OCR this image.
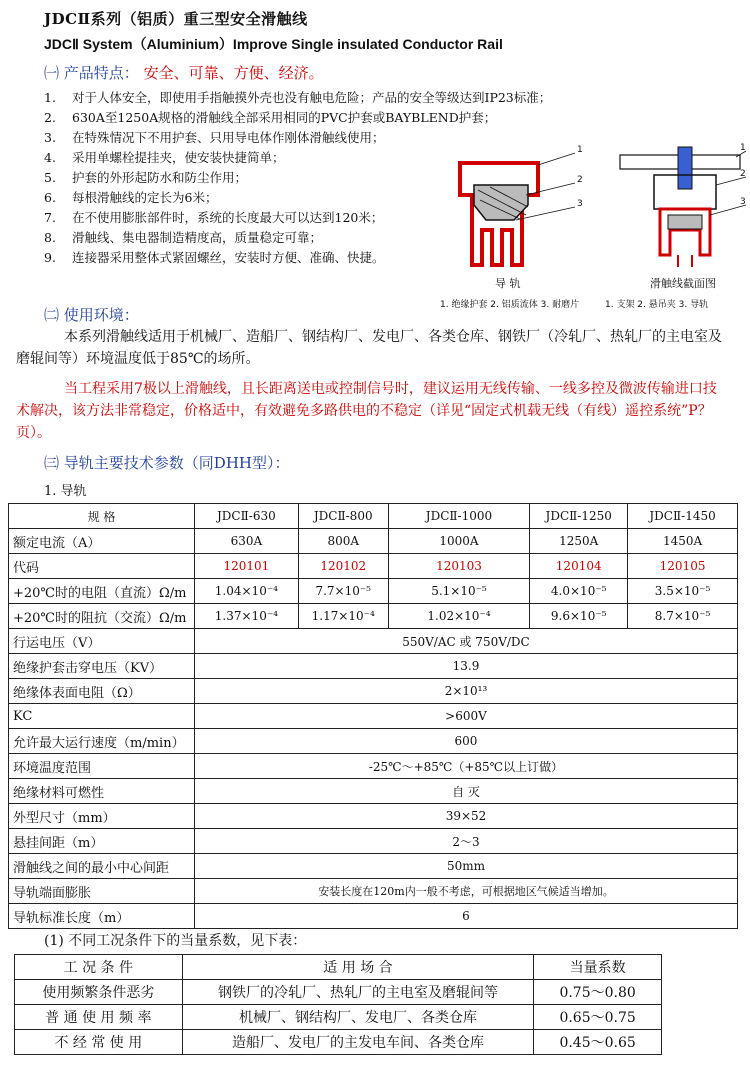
JDCⅡ系列（铝质）重三型安全滑触线
JDCⅡ System（Aluminium）Improve Single insulated Conductor Rail
㈠ 产品特点： 安全、可靠、方便、经济。
1. 对于人体安全，即使用手指触摸外壳也没有触电危险；产品的安全等级达到IP23标准；
2. 630A至1250A规格的滑触线全部采用相同的PVC护套或BAYBLEND护套；
3. 在特殊情况下不用护套、只用导电体作刚体滑触线使用；
4. 采用单螺栓提挂夹，使安装快捷简单；
5. 护套的外形起防水和防尘作用；
6. 每根滑触线的定长为6米；
7. 在不使用膨胀部件时，系统的长度最大可以达到120米；
8. 滑触线、集电器制造精度高，质量稳定可靠；
9. 连接器采用整体式紧固螺丝，安装时方便、准确、快捷。
1
2
3
1
2
3
导 轨	滑触线截面图
1. 绝缘护套 2. 铝质流体 3. 耐磨片	1. 支架 2. 悬吊夹 3. 导轨
㈡ 使用环境：
本系列滑触线适用于机械厂、造船厂、钢结构厂、发电厂、各类仓库、钢铁厂（冷轧厂、热轧厂的主电室及磨辊间等）环境温度低于85℃的场所。
当工程采用7极以上滑触线，且长距离送电或控制信号时，建议运用无线传输、一线多控及微波传输进口技术解决，该方法非常稳定，价格适中，有效避免多路供电的不稳定（详见“固定式机载无线（有线）遥控系统”P？页）。
㈢ 导轨主要技术参数（同DHH型）：
1. 导轨
规 格	JDCⅡ-630	JDCⅡ-800	JDCⅡ-1000	JDCⅡ-1250	JDCⅡ-1450
额定电流（A）	630A	800A	1000A	1250A	1450A
代码	120101	120102	120103	120104	120105
+20℃时的电阻（直流）Ω/m	1.04×10⁻⁴	7.7×10⁻⁵	5.1×10⁻⁵	4.0×10⁻⁵	3.5×10⁻⁵
+20℃时的阻抗（交流）Ω/m	1.37×10⁻⁴	1.17×10⁻⁴	1.02×10⁻⁴	9.6×10⁻⁵	8.7×10⁻⁵
行运电压（V）	550V/AC 或 750V/DC				
绝缘护套击穿电压（KV）	13.9				
绝缘体表面电阻（Ω）	2×10¹³				
KC	>600V				
允许最大运行速度（m/min）	600				
环境温度范围	-25℃～+85℃（+85℃以上订做）				
绝缘材料可燃性	自 灭				
外型尺寸（mm）	39×52				
悬挂间距（m）	2～3				
滑触线之间的最小中心间距	50mm				
导轨端面膨胀	安装长度在120m内一般不考虑，可根据地区气候适当增加。				
导轨标准长度（m）	6				
(1) 不同工况条件下的当量系数，见下表：
工 况 条 件	适 用 场 合	当量系数
使用频繁条件恶劣	钢铁厂的冷轧厂、热轧厂的主电室及磨辊间等	0.75～0.80
普 通 使 用 频 率	机械厂、钢结构厂、发电厂、各类仓库	0.65～0.75
不 经 常 使 用	造船厂、发电厂的主发电车间、各类仓库	0.45～0.65
